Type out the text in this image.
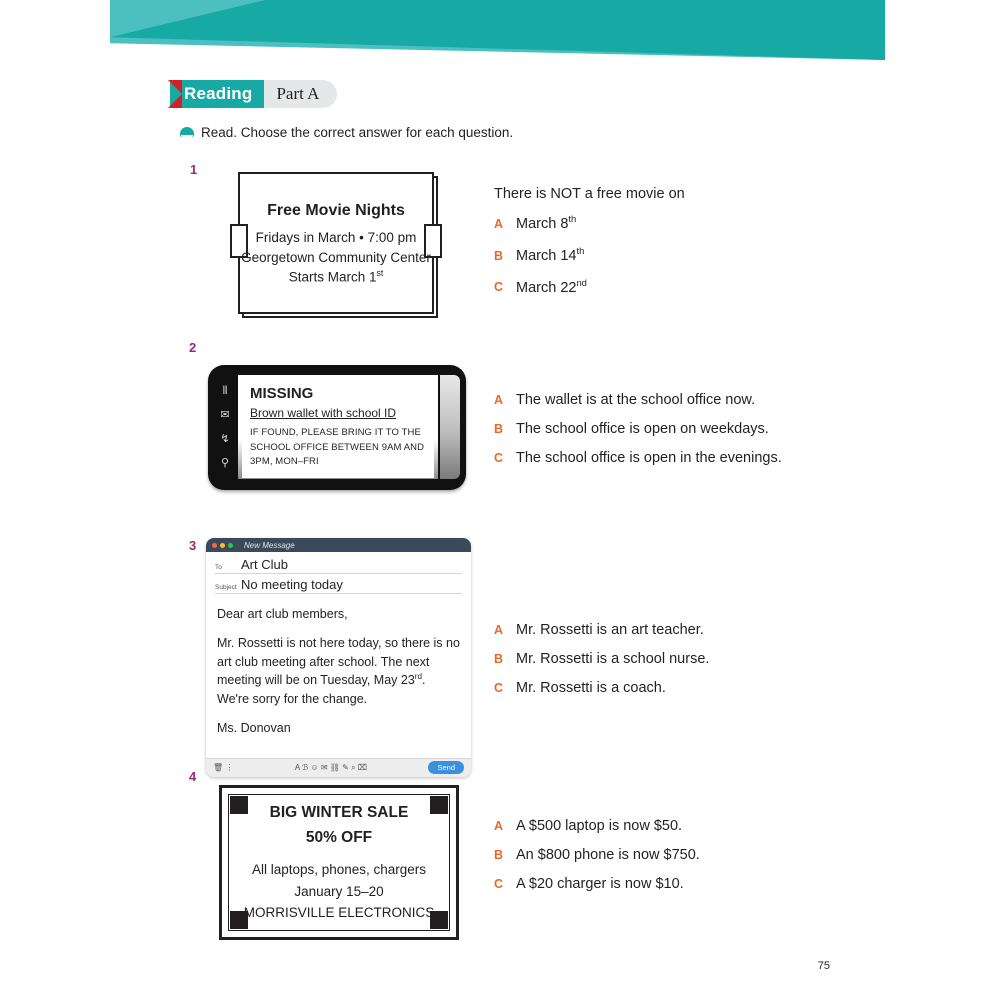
Reading	Part A
Read. Choose the correct answer for each question.
1
Free Movie Nights
Fridays in March • 7:00 pm
Georgetown Community Center
Starts March 1st
There is NOT a free movie on
A March 8th
B March 14th
C March 22nd
2
⦀
✉
↯
⚲
MISSING
Brown wallet with school ID
IF FOUND, PLEASE BRING IT TO THE SCHOOL OFFICE BETWEEN 9AM AND 3PM, MON–FRI
A The wallet is at the school office now.
B The school office is open on weekdays.
C The school office is open in the evenings.
3	New Message
To	Art Club
Subject No meeting today

Dear art club members,

Mr. Rossetti is not here today, so there is no art club meeting after school. The next meeting will be on Tuesday, May 23rd. We're sorry for the change.

Ms. Donovan

🗑 ⋮	A ℬ ☺ ✉ ⛓ ✎ ⌕ ⌧	Send
A Mr. Rossetti is an art teacher.
B Mr. Rossetti is a school nurse.
C Mr. Rossetti is a coach.
4
BIG WINTER SALE
50% OFF
All laptops, phones, chargers
January 15–20
MORRISVILLE ELECTRONICS
A A $500 laptop is now $50.
B An $800 phone is now $750.
C A $20 charger is now $10.
75
